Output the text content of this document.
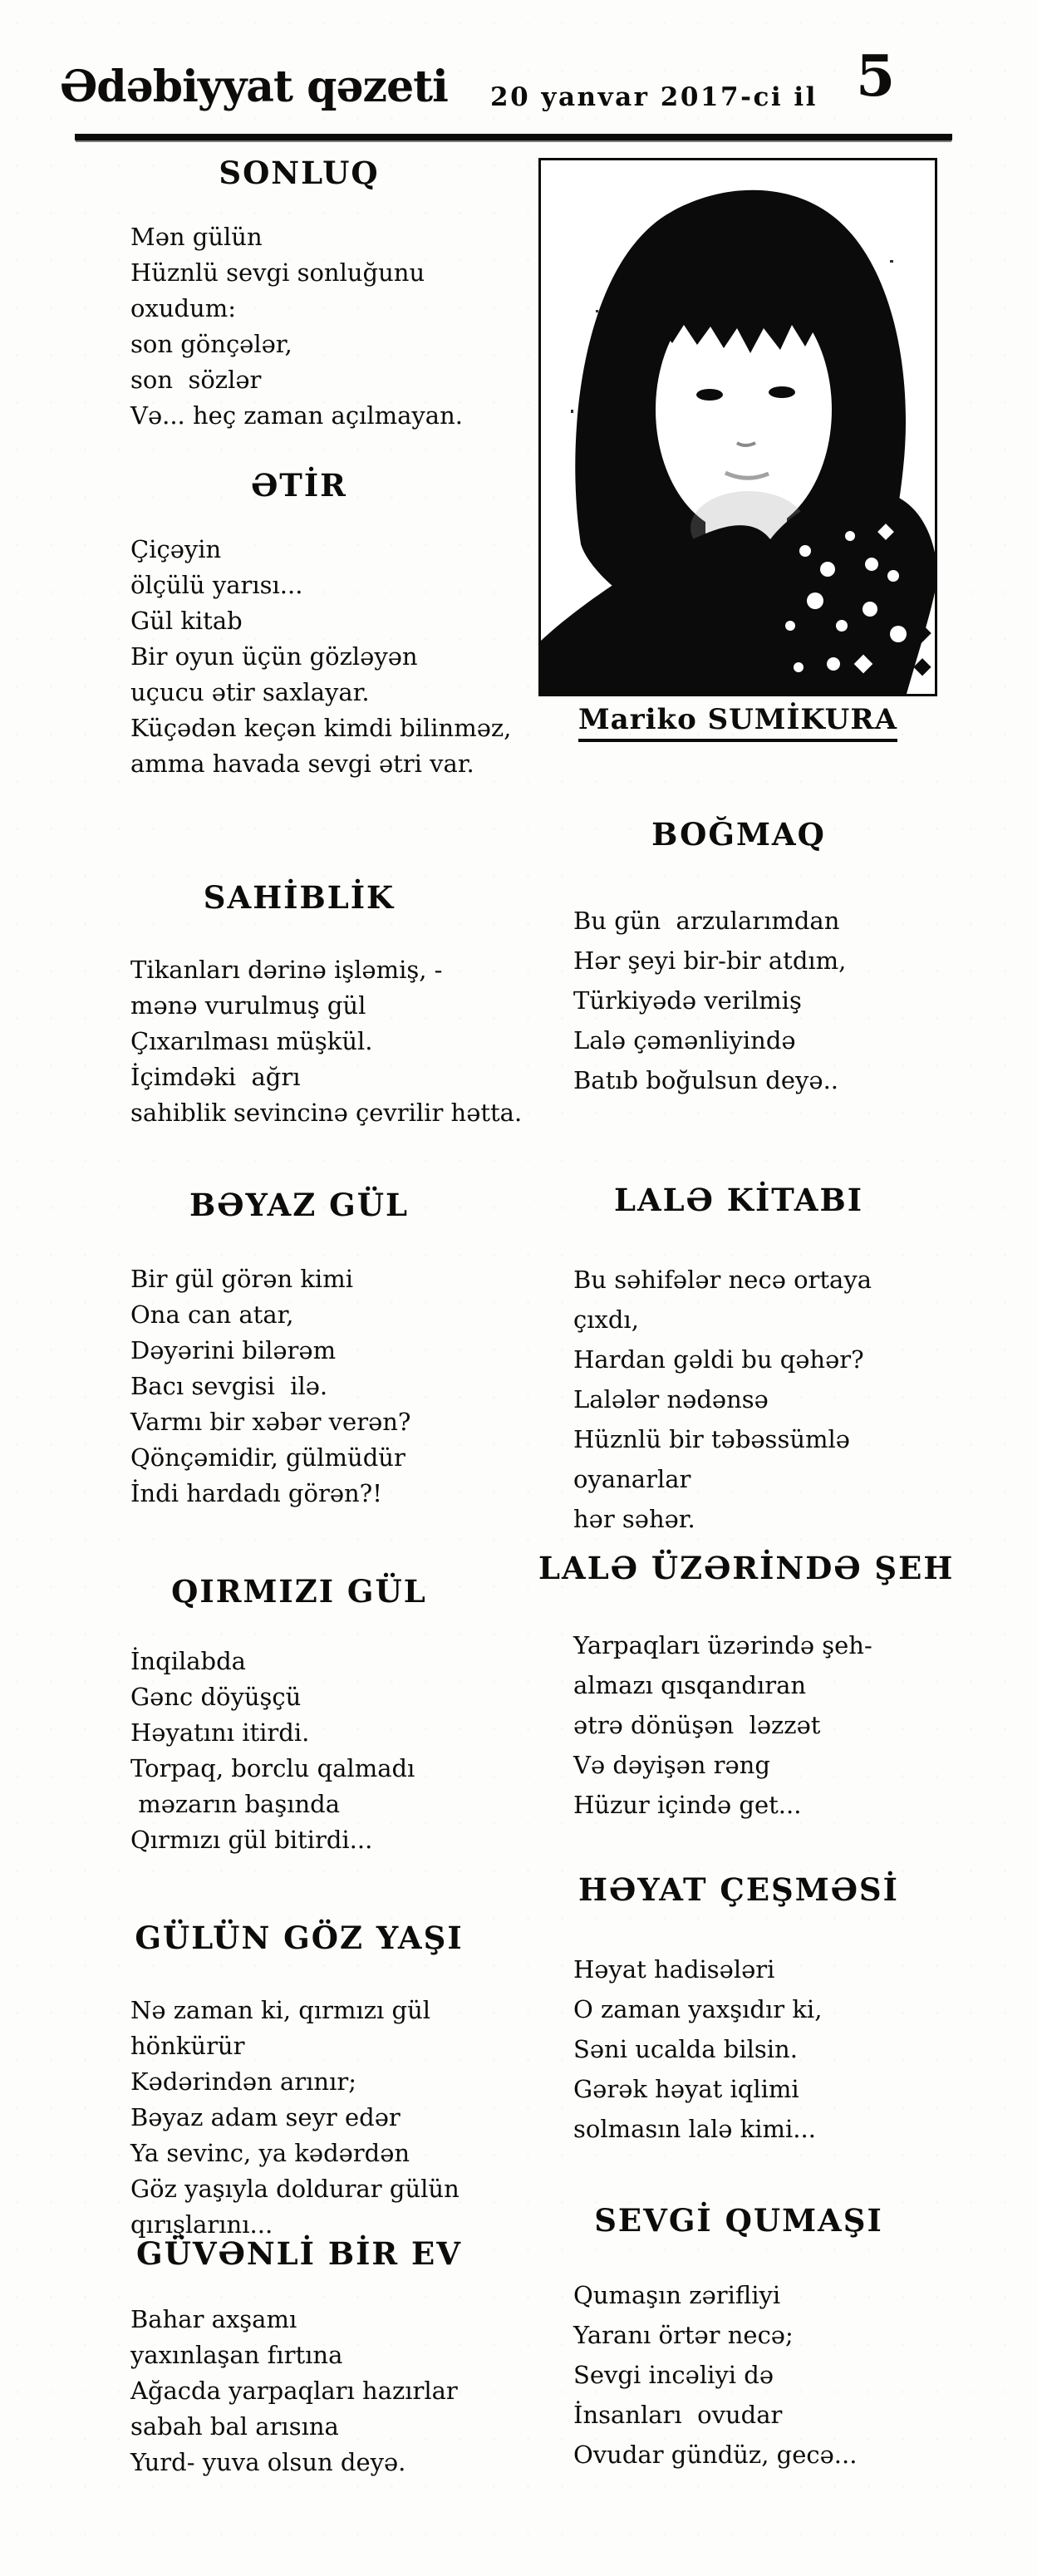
Ədəbiyyat qəzeti 20 yanvar 2017-ci il 5
Mariko SUMİKURA
SONLUQ

Mən gülün

Hüznlü sevgi sonluğunu oxudum:

son gönçələr,

son  sözlər

Və... heç zaman açılmayan.

ƏTİR

Çiçəyin

ölçülü yarısı...

Gül kitab

Bir oyun üçün gözləyən

uçucu ətir saxlayar.

Küçədən keçən kimdi bilinməz,

amma havada sevgi ətri var.

SAHİBLİK

Tikanları dərinə işləmiş, -

mənə vurulmuş gül

Çıxarılması müşkül.

İçimdəki  ağrı

sahiblik sevincinə çevrilir hətta.

BƏYAZ GÜL

Bir gül görən kimi

Ona can atar,

Dəyərini bilərəm

Bacı sevgisi  ilə.

Varmı bir xəbər verən?

Qönçəmidir, gülmüdür

İndi hardadı görən?!

QIRMIZI GÜL

İnqilabda

Gənc döyüşçü

Həyatını itirdi.

Torpaq, borclu qalmadı

məzarın başında

Qırmızı gül bitirdi...

GÜLÜN GÖZ YAŞI

Nə zaman ki, qırmızı gül hönkürür

Kədərindən arınır;

Bəyaz adam seyr edər

Ya sevinc, ya kədərdən

Göz yaşıyla doldurar gülün qırışlarını...

GÜVƏNLİ BİR EV

Bahar axşamı

yaxınlaşan fırtına

Ağacda yarpaqları hazırlar

sabah bal arısına

Yurd- yuva olsun deyə.

BOĞMAQ

Bu gün  arzularımdan

Hər şeyi bir-bir atdım,

Türkiyədə verilmiş

Lalə çəmənliyində

Batıb boğulsun deyə..

LALƏ KİTABI

Bu səhifələr necə ortaya çıxdı,

Hardan gəldi bu qəhər?

Lalələr nədənsə

Hüznlü bir təbəssümlə

oyanarlar

hər səhər.

LALƏ ÜZƏRİNDƏ ŞEH

Yarpaqları üzərində şeh-

almazı qısqandıran

ətrə dönüşən  ləzzət

Və dəyişən rəng

Hüzur içində get...

HƏYAT ÇEŞMƏSİ

Həyat hadisələri

O zaman yaxşıdır ki,

Səni ucalda bilsin.

Gərək həyat iqlimi

solmasın lalə kimi...

SEVGİ QUMAŞI

Qumaşın zərifliyi

Yaranı örtər necə;

Sevgi incəliyi də

İnsanları  ovudar

Ovudar gündüz, gecə...
